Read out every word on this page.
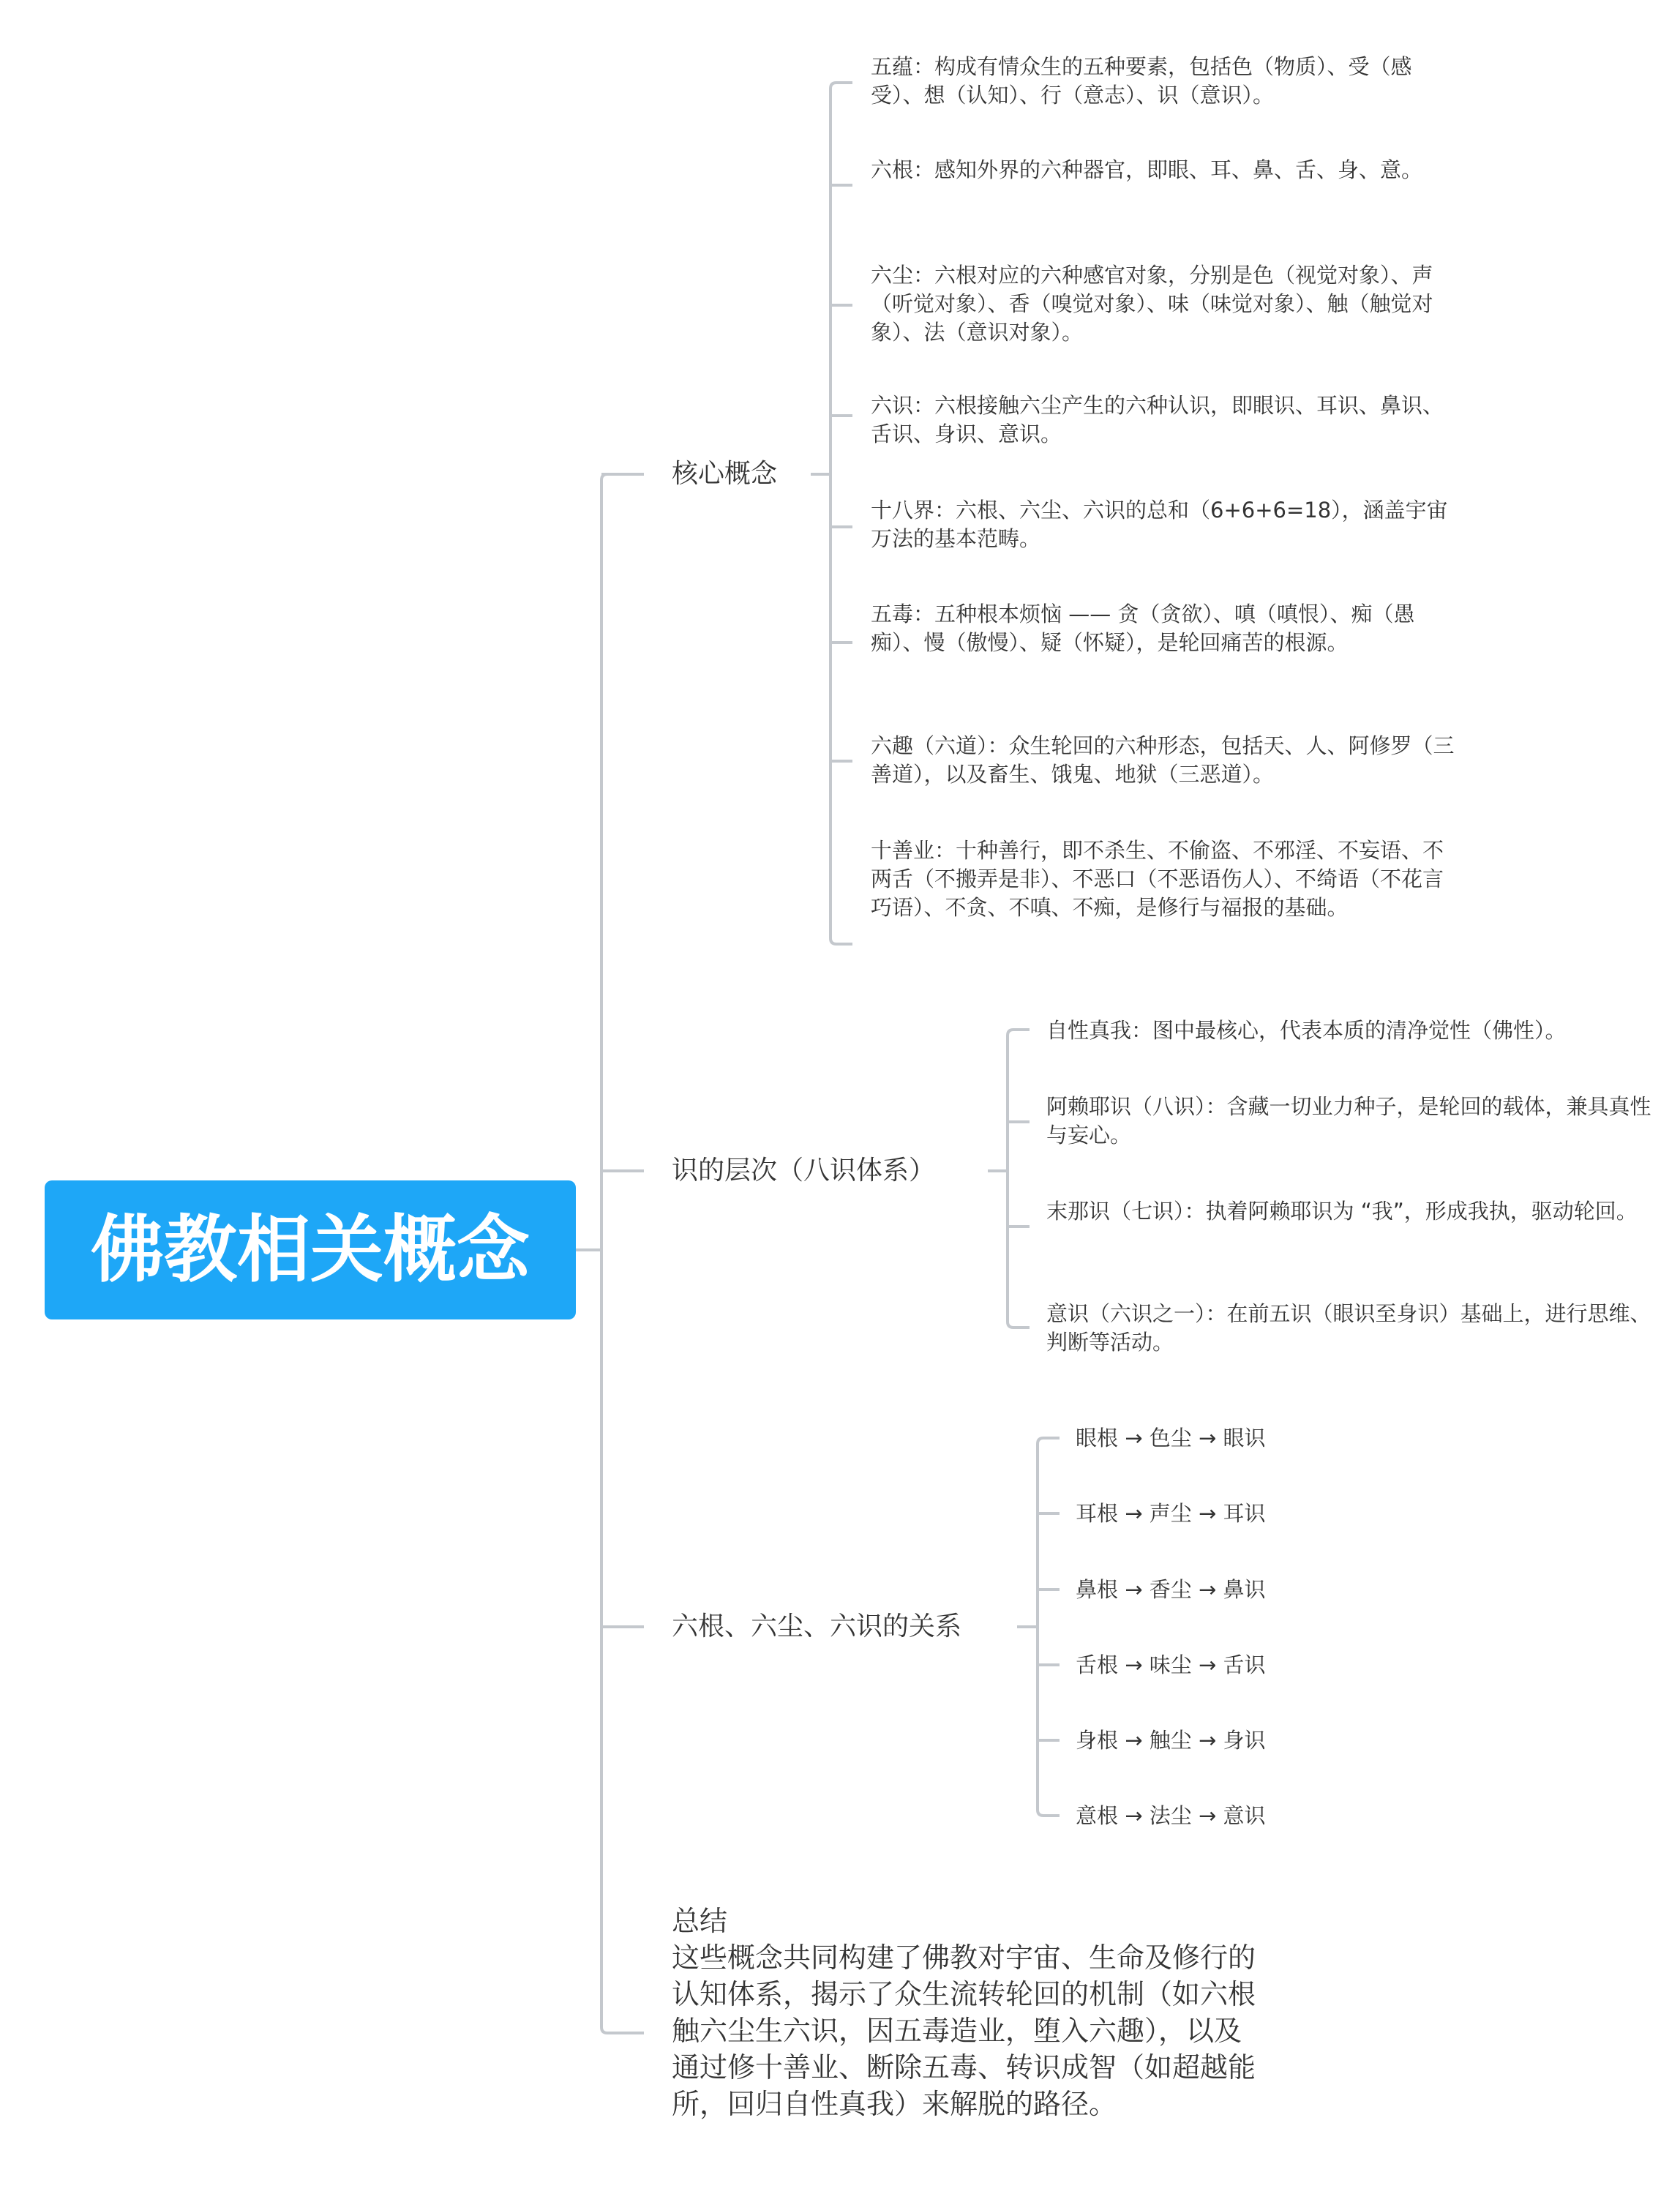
佛教相关概念
核心概念
五蕴：构成有情众生的五种要素，包括色（物质）、受（感受）、想（认知）、行（意志）、识（意识）。
六根：感知外界的六种器官，即眼、耳、鼻、舌、身、意。
六尘：六根对应的六种感官对象，分别是色（视觉对象）、声（听觉对象）、香（嗅觉对象）、味（味觉对象）、触（触觉对象）、法（意识对象）。
六识：六根接触六尘产生的六种认识，即眼识、耳识、鼻识、舌识、身识、意识。
十八界：六根、六尘、六识的总和（6+6+6=18），涵盖宇宙万法的基本范畴。
五毒：五种根本烦恼 —— 贪（贪欲）、嗔（嗔恨）、痴（愚痴）、慢（傲慢）、疑（怀疑），是轮回痛苦的根源。
六趣（六道）：众生轮回的六种形态，包括天、人、阿修罗（三善道），以及畜生、饿鬼、地狱（三恶道）。
十善业：十种善行，即不杀生、不偷盗、不邪淫、不妄语、不两舌（不搬弄是非）、不恶口（不恶语伤人）、不绮语（不花言巧语）、不贪、不嗔、不痴，是修行与福报的基础。
识的层次（八识体系）
自性真我：图中最核心，代表本质的清净觉性（佛性）。
阿赖耶识（八识）：含藏一切业力种子，是轮回的载体，兼具真性与妄心。
末那识（七识）：执着阿赖耶识为 “我”，形成我执，驱动轮回。
意识（六识之一）：在前五识（眼识至身识）基础上，进行思维、判断等活动。
六根、六尘、六识的关系
眼根 → 色尘 → 眼识
耳根 → 声尘 → 耳识
鼻根 → 香尘 → 鼻识
舌根 → 味尘 → 舌识
身根 → 触尘 → 身识
意根 → 法尘 → 意识
总结
这些概念共同构建了佛教对宇宙、生命及修行的认知体系，揭示了众生流转轮回的机制（如六根触六尘生六识，因五毒造业，堕入六趣），以及通过修十善业、断除五毒、转识成智（如超越能所，回归自性真我）来解脱的路径。
